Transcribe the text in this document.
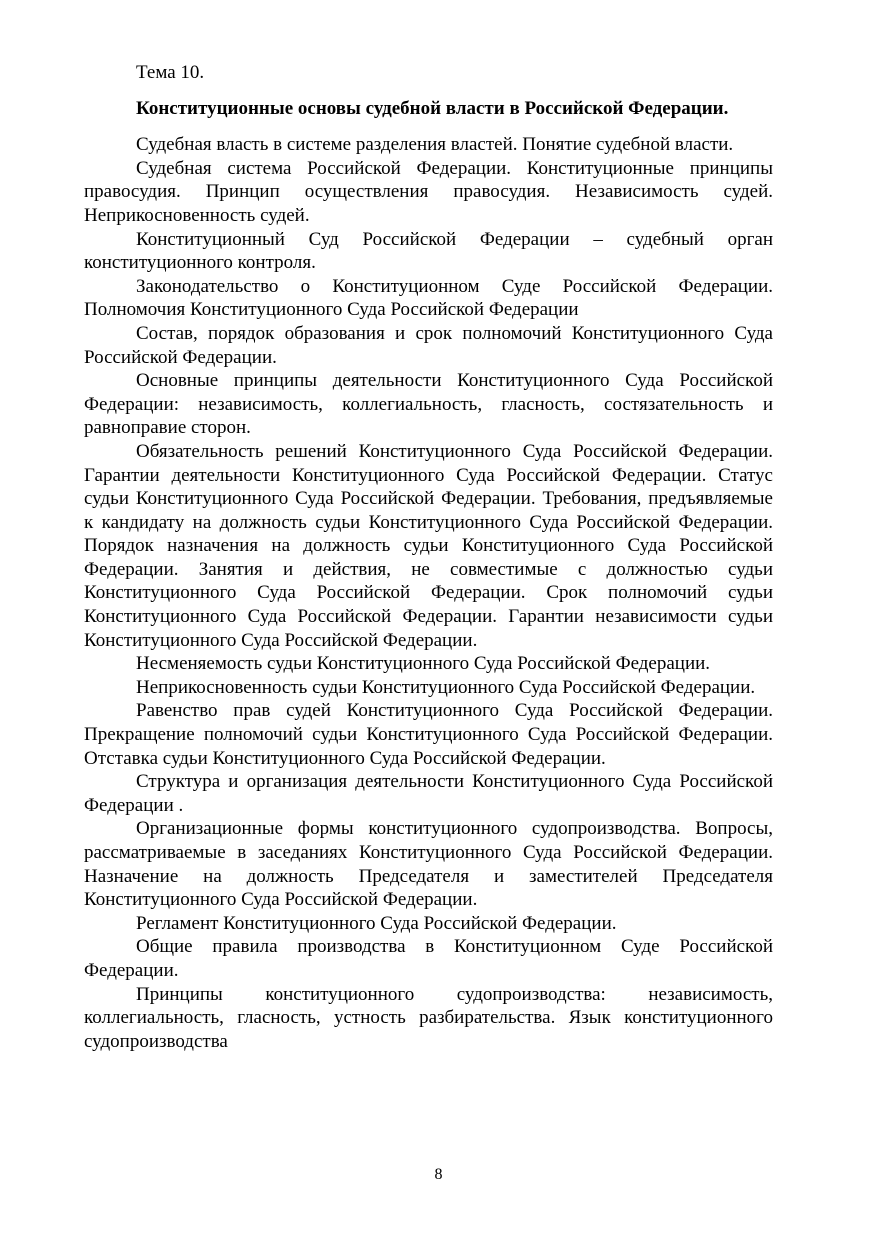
Тема 10.

Конституционные основы судебной власти в Российской Федерации.

Судебная власть в системе разделения властей. Понятие судебной власти.

Судебная система Российской Федерации. Конституционные принципы правосудия. Принцип осуществления правосудия. Независимость судей. Неприкосновенность судей.

Конституционный Суд Российской Федерации – судебный орган конституционного контроля.

Законодательство о Конституционном Суде Российской Федерации. Полномочия Конституционного Суда Российской Федерации

Состав, порядок образования и срок полномочий Конституционного Суда Российской Федерации.

Основные принципы деятельности Конституционного Суда Российской Федерации: независимость, коллегиальность, гласность, состязательность и равноправие сторон.

Обязательность решений Конституционного Суда Российской Федерации. Гарантии деятельности Конституционного Суда Российской Федерации. Статус судьи Конституционного Суда Российской Федерации. Требования, предъявляемые к кандидату на должность судьи Конституционного Суда Российской Федерации. Порядок назначения на должность судьи Конституционного Суда Российской Федерации. Занятия и действия, не совместимые с должностью судьи Конституционного Суда Российской Федерации. Срок полномочий судьи Конституционного Суда Российской Федерации. Гарантии независимости судьи Конституционного Суда Российской Федерации.

Несменяемость судьи Конституционного Суда Российской Федерации.

Неприкосновенность судьи Конституционного Суда Российской Федерации.

Равенство прав судей Конституционного Суда Российской Федерации. Прекращение полномочий судьи Конституционного Суда Российской Федерации. Отставка судьи Конституционного Суда Российской Федерации.

Структура и организация деятельности Конституционного Суда Российской Федерации .

Организационные формы конституционного судопроизводства. Вопросы, рассматриваемые в заседаниях Конституционного Суда Российской Федерации. Назначение на должность Председателя и заместителей Председателя Конституционного Суда Российской Федерации.

Регламент Конституционного Суда Российской Федерации.

Общие правила производства в Конституционном Суде Российской Федерации.

Принципы конституционного судопроизводства: независимость, коллегиальность, гласность, устность разбирательства. Язык конституционного судопроизводства

8
